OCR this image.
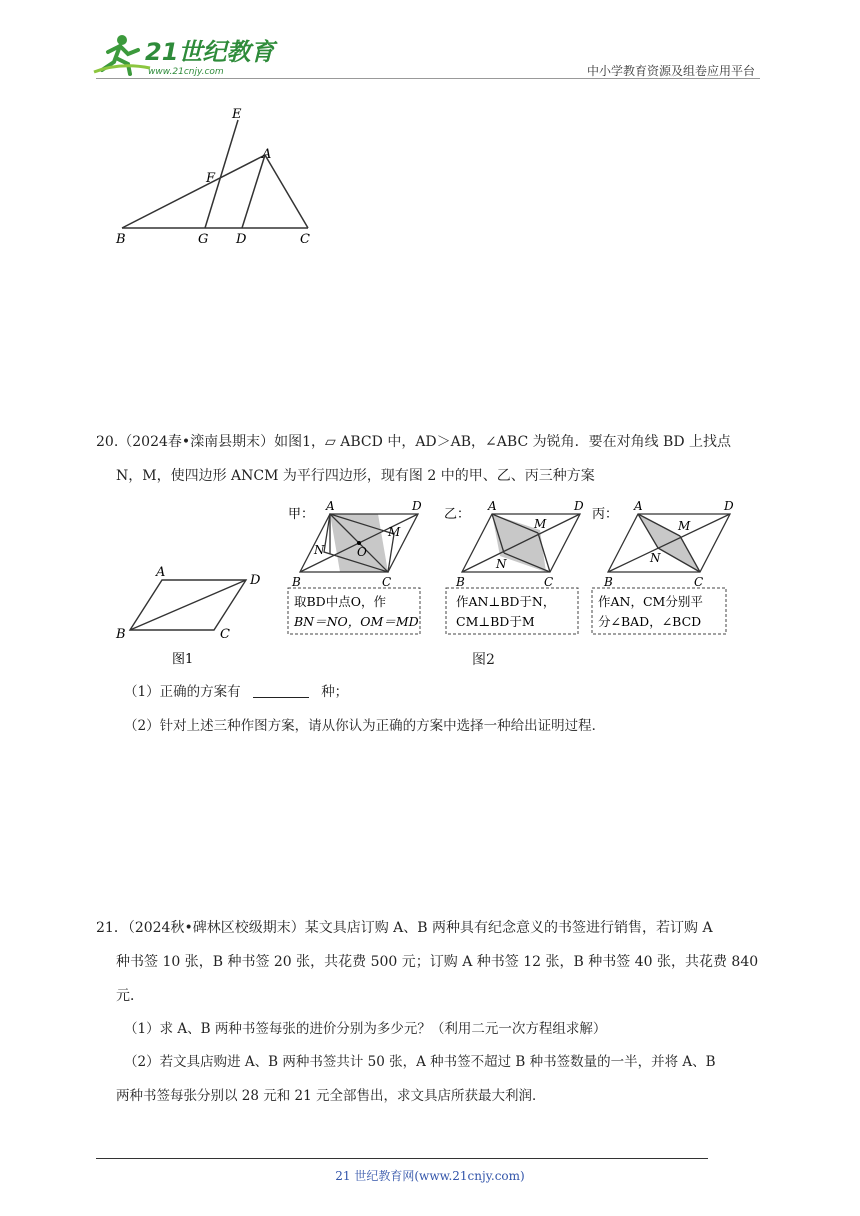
21世纪教育
www.21cnjy.com	中小学教育资源及组卷应用平台
E
A
F
B	G D	C
20.（2024春•滦南县期末）如图1，▱ ABCD 中，AD＞AB，∠ABC 为锐角．要在对角线 BD 上找点
N，M，使四边形 ANCM 为平行四边形，现有图 2 中的甲、乙、丙三种方案
A
D
B	C
图1
甲：
A	D
B	C
N
M
O
取BD中点O，作
BN＝NO，OM＝MD
乙：
A	D
B	C
N
M
作AN⊥BD于N，
CM⊥BD于M
丙：
A	D
B	C
N
M
作AN，CM分别平
分∠BAD，∠BCD
图2
（1）正确的方案有	种；
（2）针对上述三种作图方案，请从你认为正确的方案中选择一种给出证明过程．
21．（2024秋•碑林区校级期末）某文具店订购 A、B 两种具有纪念意义的书签进行销售，若订购 A
种书签 10 张，B 种书签 20 张，共花费 500 元；订购 A 种书签 12 张，B 种书签 40 张，共花费 840
元．
（1）求 A、B 两种书签每张的进价分别为多少元？（利用二元一次方程组求解）
（2）若文具店购进 A、B 两种书签共计 50 张，A 种书签不超过 B 种书签数量的一半，并将 A、B
两种书签每张分别以 28 元和 21 元全部售出，求文具店所获最大利润．
21 世纪教育网(www.21cnjy.com)
